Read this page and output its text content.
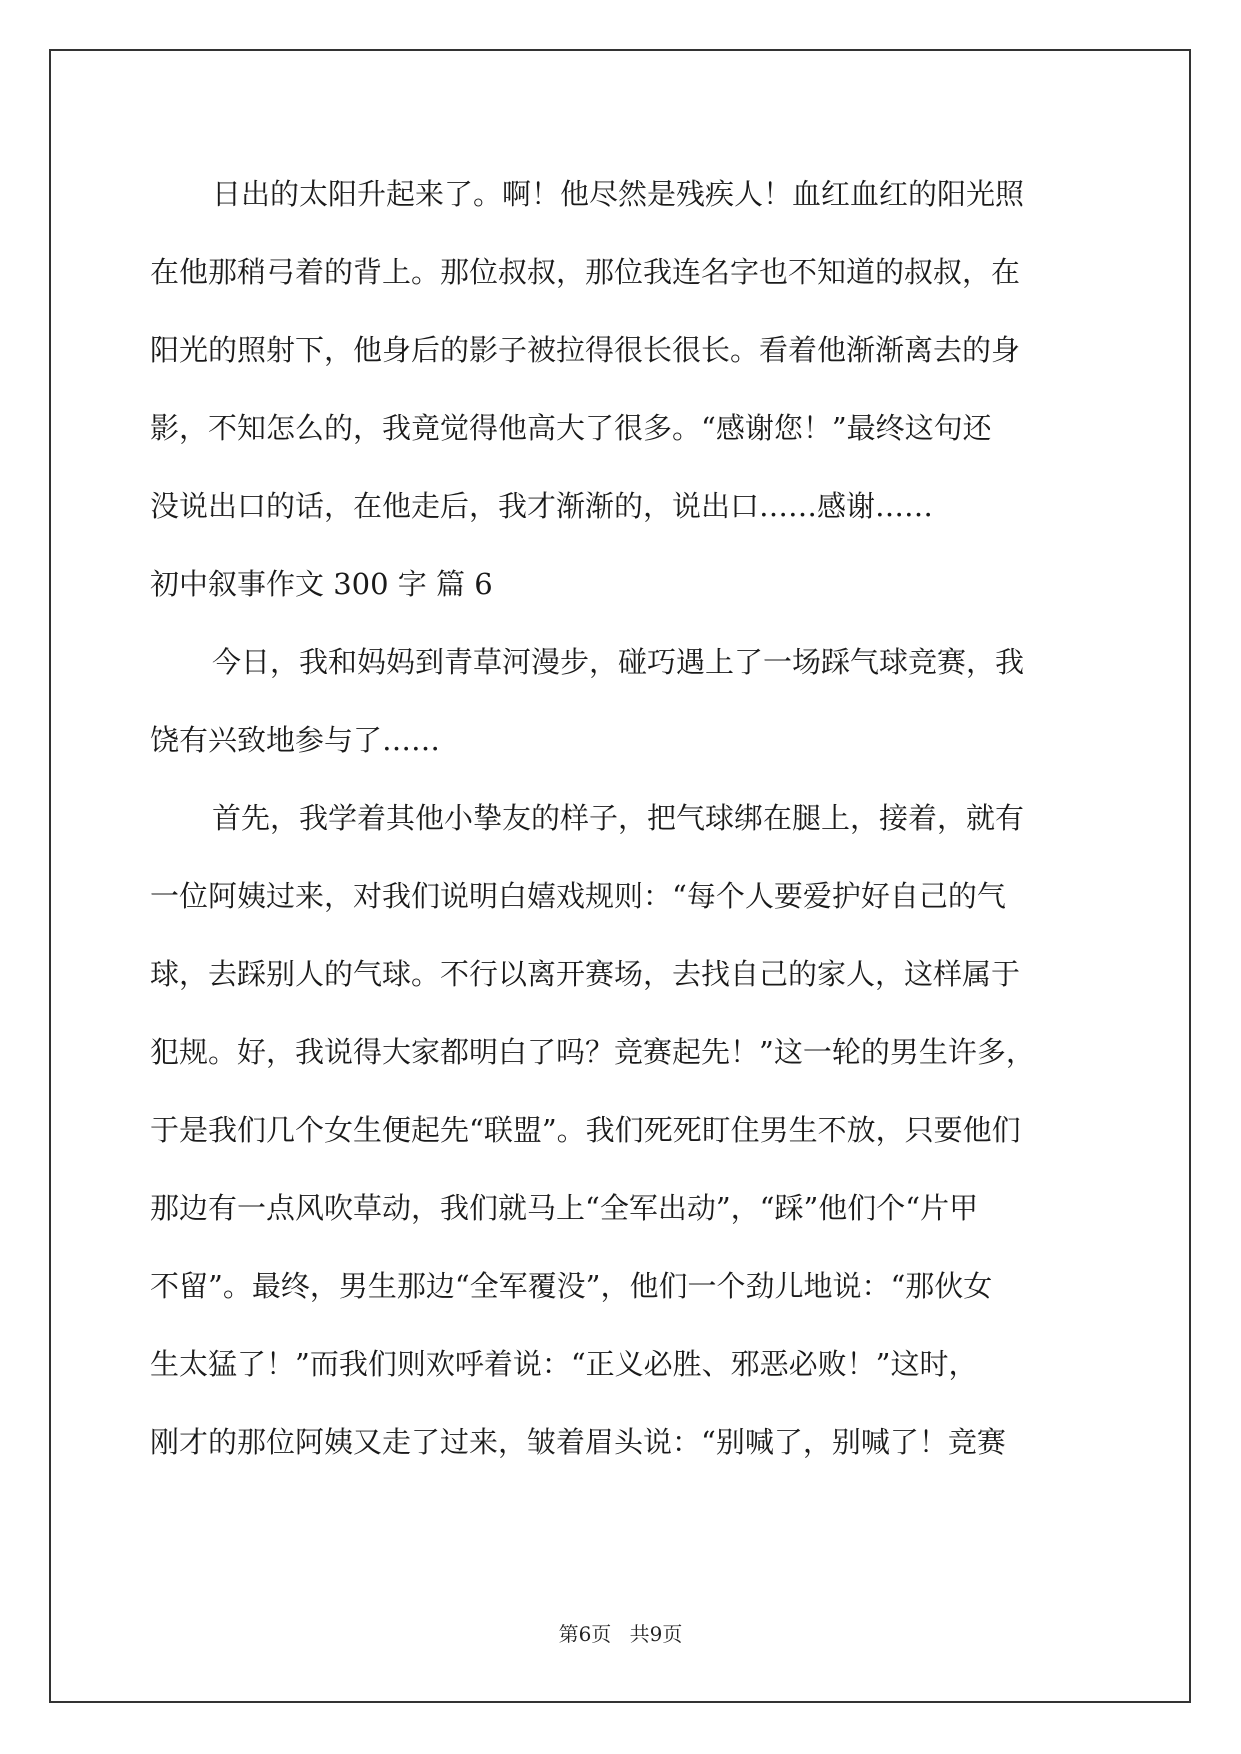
日出的太阳升起来了。啊！他尽然是残疾人！血红血红的阳光照
在他那稍弓着的背上。那位叔叔，那位我连名字也不知道的叔叔，在
阳光的照射下，他身后的影子被拉得很长很长。看着他渐渐离去的身
影，不知怎么的，我竟觉得他高大了很多。“感谢您！”最终这句还
没说出口的话，在他走后，我才渐渐的，说出口……感谢……
初中叙事作文 300 字 篇 6
今日，我和妈妈到青草河漫步，碰巧遇上了一场踩气球竞赛，我
饶有兴致地参与了……
首先，我学着其他小挚友的样子，把气球绑在腿上，接着，就有
一位阿姨过来，对我们说明白嬉戏规则：“每个人要爱护好自己的气
球，去踩别人的气球。不行以离开赛场，去找自己的家人，这样属于
犯规。好，我说得大家都明白了吗？竞赛起先！”这一轮的男生许多，
于是我们几个女生便起先“联盟”。我们死死盯住男生不放，只要他们
那边有一点风吹草动，我们就马上“全军出动”，“踩”他们个“片甲
不留”。最终，男生那边“全军覆没”，他们一个劲儿地说：“那伙女
生太猛了！”而我们则欢呼着说：“正义必胜、邪恶必败！”这时，
刚才的那位阿姨又走了过来，皱着眉头说：“别喊了，别喊了！竞赛
第6页 共9页
